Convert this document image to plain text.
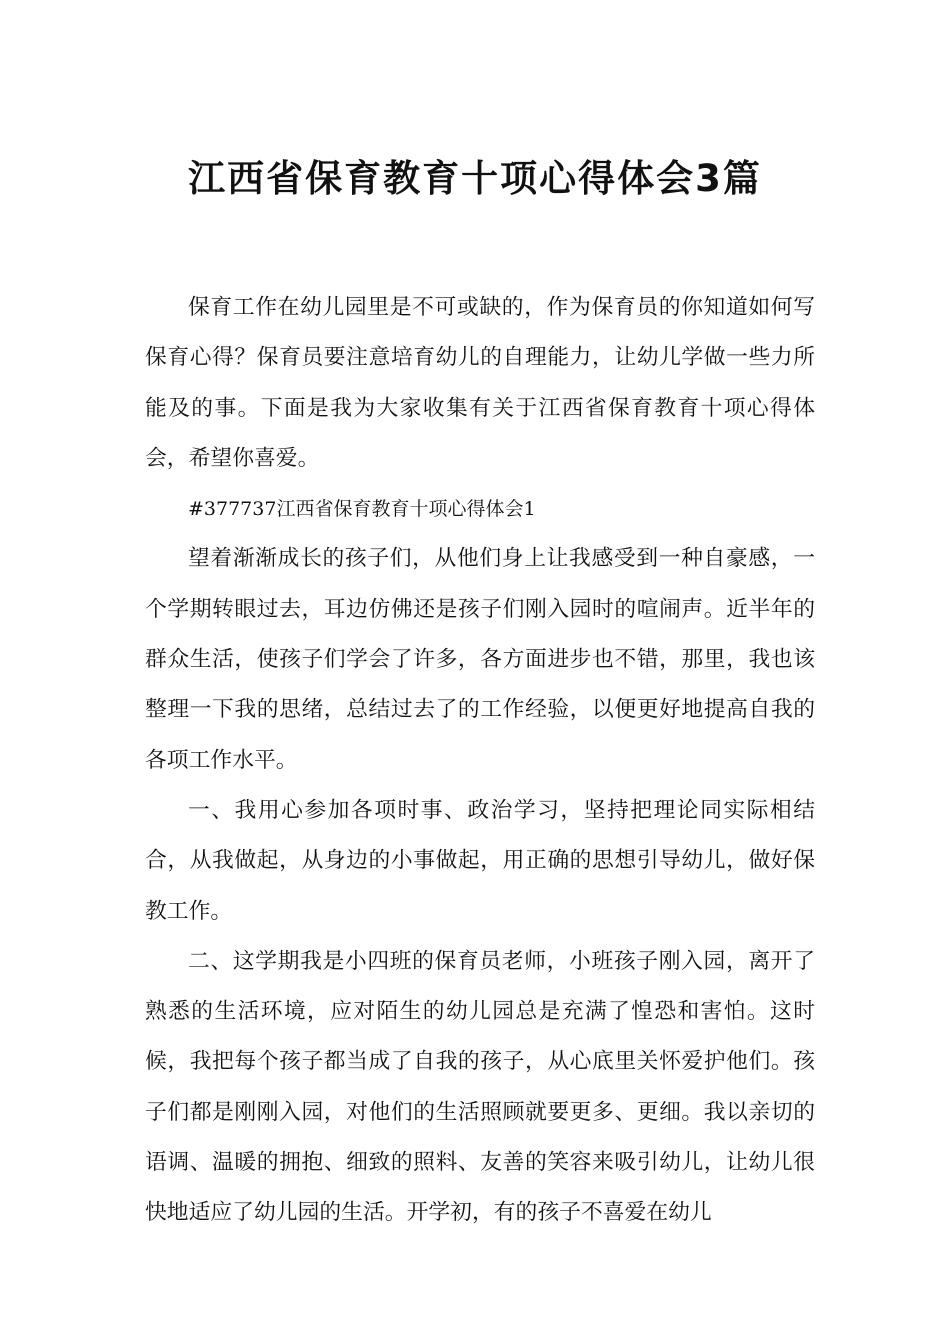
江西省保育教育十项心得体会3篇

保育工作在幼儿园里是不可或缺的，作为保育员的你知道如何写保育心得？保育员要注意培育幼儿的自理能力，让幼儿学做一些力所能及的事。下面是我为大家收集有关于江西省保育教育十项心得体会，希望你喜爱。

#377737江西省保育教育十项心得体会1

望着渐渐成长的孩子们，从他们身上让我感受到一种自豪感，一个学期转眼过去，耳边仿佛还是孩子们刚入园时的喧闹声。近半年的群众生活，使孩子们学会了许多，各方面进步也不错，那里，我也该整理一下我的思绪，总结过去了的工作经验，以便更好地提高自我的各项工作水平。

一、我用心参加各项时事、政治学习，坚持把理论同实际相结合，从我做起，从身边的小事做起，用正确的思想引导幼儿，做好保教工作。

二、这学期我是小四班的保育员老师，小班孩子刚入园，离开了熟悉的生活环境，应对陌生的幼儿园总是充满了惶恐和害怕。这时候，我把每个孩子都当成了自我的孩子，从心底里关怀爱护他们。孩子们都是刚刚入园，对他们的生活照顾就要更多、更细。我以亲切的语调、温暖的拥抱、细致的照料、友善的笑容来吸引幼儿，让幼儿很快地适应了幼儿园的生活。开学初，有的孩子不喜爱在幼儿
